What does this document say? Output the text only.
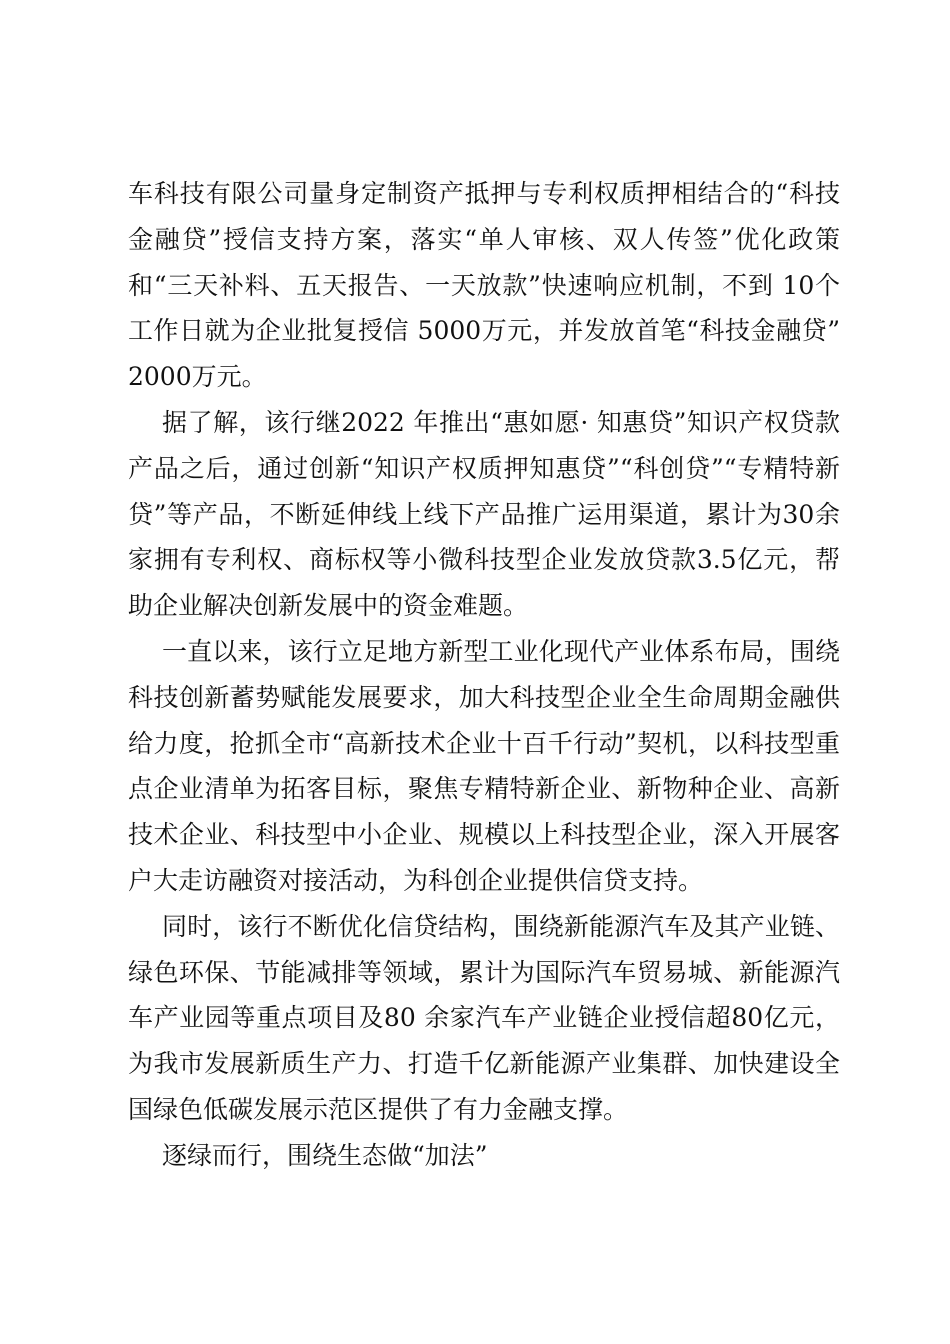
车科技有限公司量身定制资产抵押与专利权质押相结合的“科技金融贷”授信支持方案，落实“单人审核、双人传签”优化政策和“三天补料、五天报告、一天放款”快速响应机制，不到 10个工作日就为企业批复授信 5000万元，并发放首笔“科技金融贷” 2000万元。

据了解，该行继2022 年推出“惠如愿· 知惠贷”知识产权贷款产品之后，通过创新“知识产权质押知惠贷”“科创贷”“专精特新贷”等产品，不断延伸线上线下产品推广运用渠道，累计为30余家拥有专利权、商标权等小微科技型企业发放贷款3.5亿元，帮助企业解决创新发展中的资金难题。

一直以来，该行立足地方新型工业化现代产业体系布局，围绕科技创新蓄势赋能发展要求，加大科技型企业全生命周期金融供给力度，抢抓全市“高新技术企业十百千行动”契机，以科技型重点企业清单为拓客目标，聚焦专精特新企业、新物种企业、高新技术企业、科技型中小企业、规模以上科技型企业，深入开展客户大走访融资对接活动，为科创企业提供信贷支持。

同时，该行不断优化信贷结构，围绕新能源汽车及其产业链、绿色环保、节能减排等领域，累计为国际汽车贸易城、新能源汽车产业园等重点项目及80 余家汽车产业链企业授信超80亿元，为我市发展新质生产力、打造千亿新能源产业集群、加快建设全国绿色低碳发展示范区提供了有力金融支撑。

逐绿而行，围绕生态做“加法”
